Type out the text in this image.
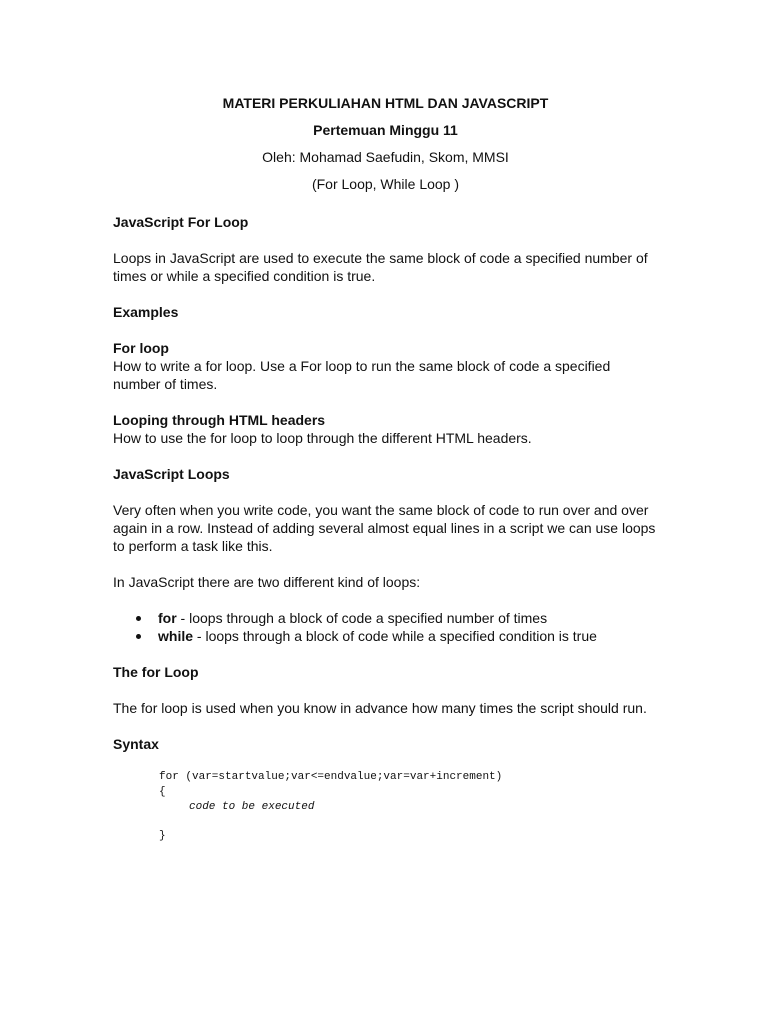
MATERI PERKULIAHAN HTML DAN JAVASCRIPT

Pertemuan Minggu 11

Oleh: Mohamad Saefudin, Skom, MMSI

(For Loop, While Loop )

JavaScript For Loop

Loops in JavaScript are used to execute the same block of code a specified number of times or while a specified condition is true.

Examples
For loop

How to write a for loop. Use a For loop to run the same block of code a specified number of times.

Looping through HTML headers

How to use the for loop to loop through the different HTML headers.

JavaScript Loops

Very often when you write code, you want the same block of code to run over and over again in a row. Instead of adding several almost equal lines in a script we can use loops to perform a task like this.

In JavaScript there are two different kind of loops:

for - loops through a block of code a specified number of times
while - loops through a block of code while a specified condition is true
The for Loop

The for loop is used when you know in advance how many times the script should run.

Syntax
for (var=startvalue;var<=endvalue;var=var+increment)
{
code to be executed
}
